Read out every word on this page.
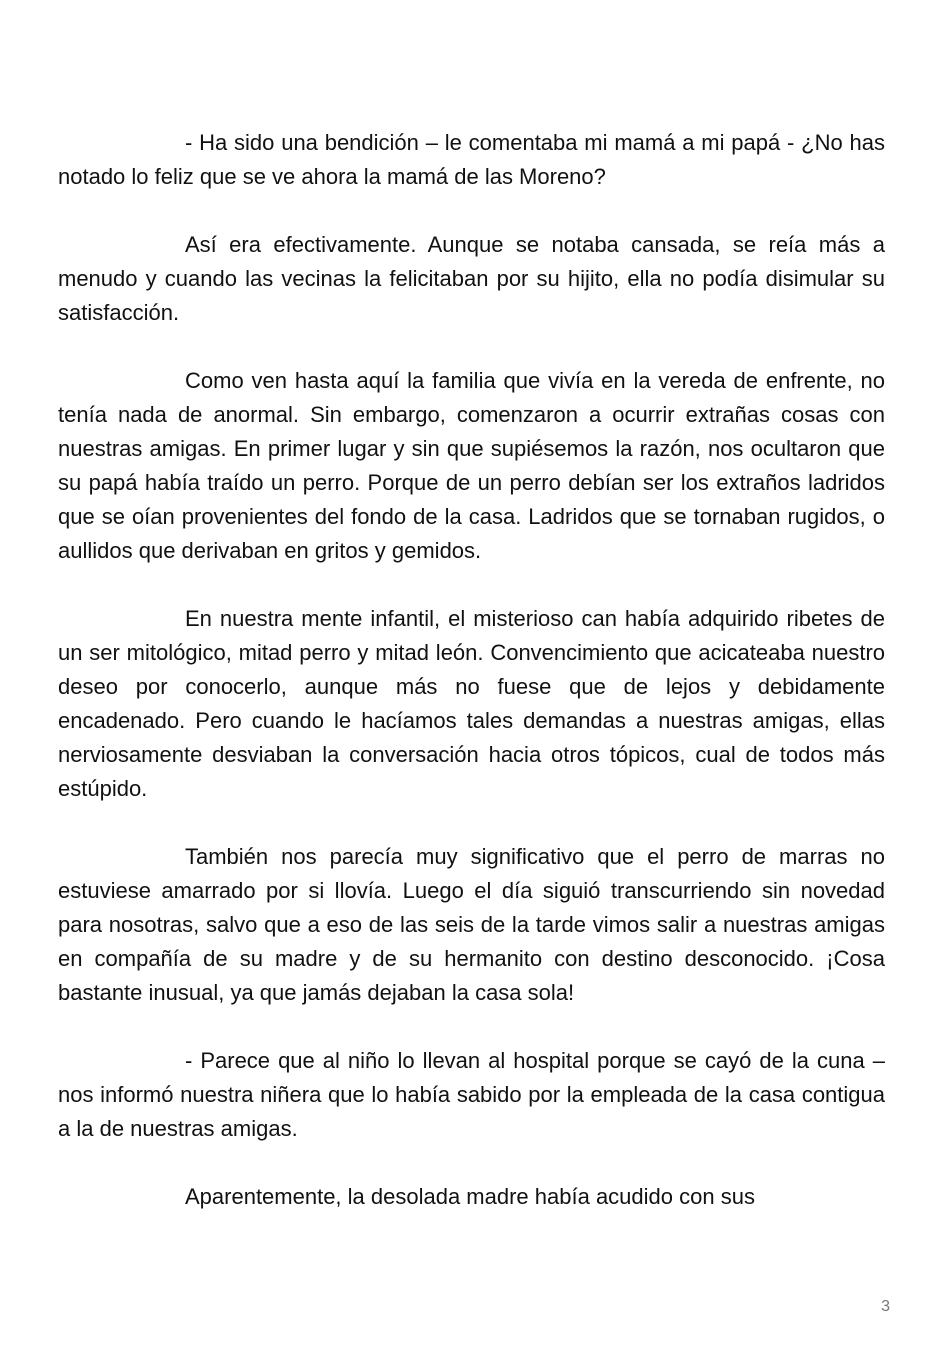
- Ha sido una bendición – le comentaba mi mamá a mi papá - ¿No has notado lo feliz que se ve ahora la mamá de las Moreno?

Así era efectivamente. Aunque se notaba cansada, se reía más a menudo y cuando las vecinas la felicitaban por su hijito, ella no podía disimular su satisfacción.

Como ven hasta aquí la familia que vivía en la vereda de enfrente, no tenía nada de anormal. Sin embargo, comenzaron a ocurrir extrañas cosas con nuestras amigas. En primer lugar y sin que supiésemos la razón, nos ocultaron que su papá había traído un perro. Porque de un perro debían ser los extraños ladridos que se oían provenientes del fondo de la casa. Ladridos que se tornaban rugidos, o aullidos que derivaban en gritos y gemidos.

En nuestra mente infantil, el misterioso can había adquirido ribetes de un ser mitológico, mitad perro y mitad león. Convencimiento que acicateaba nuestro deseo por conocerlo, aunque más no fuese que de lejos y debidamente encadenado. Pero cuando le hacíamos tales demandas a nuestras amigas, ellas nerviosamente desviaban la conversación hacia otros tópicos, cual de todos más estúpido.

También nos parecía muy significativo que el perro de marras no estuviese amarrado por si llovía. Luego el día siguió transcurriendo sin novedad para nosotras, salvo que a eso de las seis de la tarde vimos salir a nuestras amigas en compañía de su madre y de su hermanito con destino desconocido. ¡Cosa bastante inusual, ya que jamás dejaban la casa sola!

- Parece que al niño lo llevan al hospital porque se cayó de la cuna – nos informó nuestra niñera que lo había sabido por la empleada de la casa contigua a la de nuestras amigas.

Aparentemente, la desolada madre había acudido con sus

3
